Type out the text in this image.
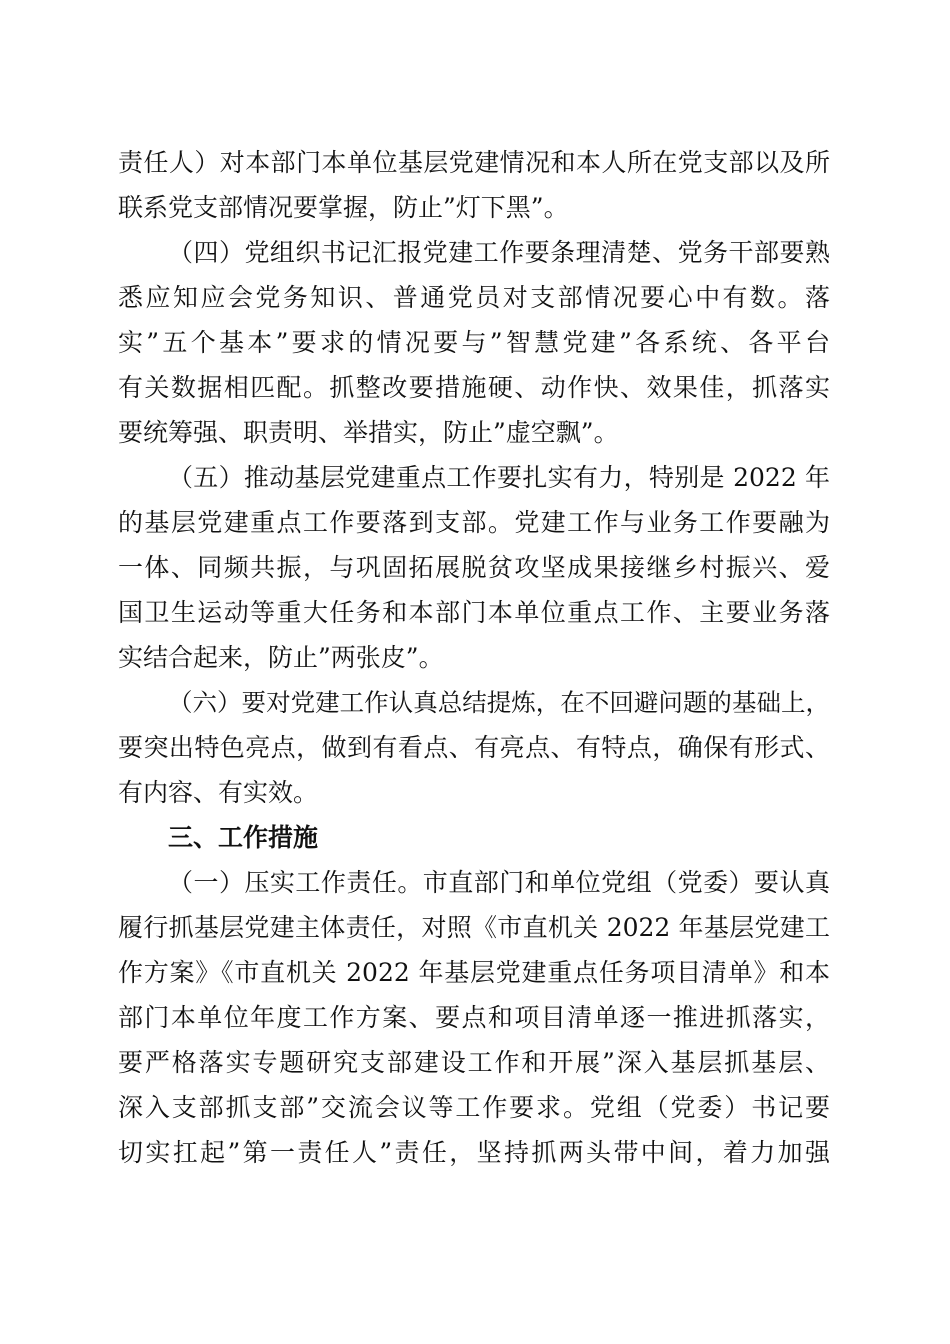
责任人）对本部门本单位基层党建情况和本人所在党支部以及所
联系党支部情况要掌握，防止”灯下黑”。
（四）党组织书记汇报党建工作要条理清楚、党务干部要熟
悉应知应会党务知识、普通党员对支部情况要心中有数。落
实”五个基本”要求的情况要与”智慧党建”各系统、各平台
有关数据相匹配。抓整改要措施硬、动作快、效果佳，抓落实
要统筹强、职责明、举措实，防止”虚空飘”。
（五）推动基层党建重点工作要扎实有力，特别是 2022 年
的基层党建重点工作要落到支部。党建工作与业务工作要融为
一体、同频共振，与巩固拓展脱贫攻坚成果接继乡村振兴、爱
国卫生运动等重大任务和本部门本单位重点工作、主要业务落
实结合起来，防止”两张皮”。
（六）要对党建工作认真总结提炼，在不回避问题的基础上，
要突出特色亮点，做到有看点、有亮点、有特点，确保有形式、
有内容、有实效。
三、工作措施
（一）压实工作责任。市直部门和单位党组（党委）要认真
履行抓基层党建主体责任，对照《市直机关 2022 年基层党建工
作方案》《市直机关 2022 年基层党建重点任务项目清单》和本
部门本单位年度工作方案、要点和项目清单逐一推进抓落实，
要严格落实专题研究支部建设工作和开展”深入基层抓基层、
深入支部抓支部”交流会议等工作要求。党组（党委）书记要
切实扛起”第一责任人”责任，坚持抓两头带中间，着力加强
